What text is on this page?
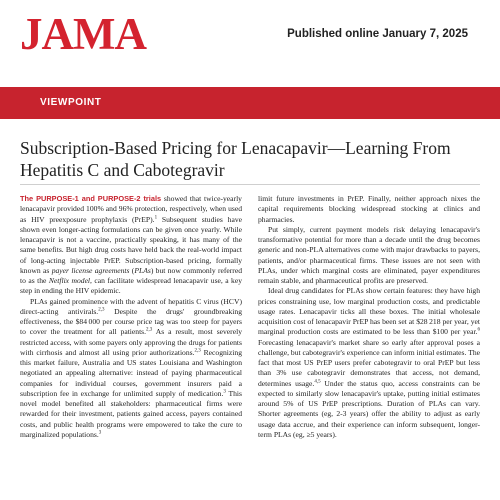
JAMA	Published online January 7, 2025
VIEWPOINT
Subscription-Based Pricing for Lenacapavir—Learning From Hepatitis C and Cabotegravir

The PURPOSE-1 and PURPOSE-2 trials showed that twice-yearly lenacapavir provided 100% and 96% protection, respectively, when used as HIV preexposure prophylaxis (PrEP).$^1$ Subsequent studies have shown even longer-acting formulations can be given once yearly. While lenacapavir is not a vaccine, practically speaking, it has many of the same benefits. But high drug costs have held back the real-world impact of long-acting injectable PrEP. Subscription-based pricing, formally known as payer license agreements (PLAs) but now commonly referred to as the Netflix model, can facilitate widespread lenacapavir use, a key step in ending the HIV epidemic.

PLAs gained prominence with the advent of hepatitis C virus (HCV) direct-acting antivirals.$^{2,3}$ Despite the drugs' groundbreaking effectiveness, the $84 000 per course price tag was too steep for payers to cover the treatment for all patients.$^{2,3}$ As a result, most severely restricted access, with some payers only approving the drugs for patients with cirrhosis and almost all using prior authorizations.$^{2,3}$ Recognizing this market failure, Australia and US states Louisiana and Washington negotiated an appealing alternative: instead of paying pharmaceutical companies for individual courses, government insurers paid a subscription fee in exchange for unlimited supply of medication.$^3$ This novel model benefited all stakeholders: pharmaceutical firms were rewarded for their investment, patients gained access, payers contained costs, and public health programs were empowered to take the cure to marginalized populations.$^3$

limit future investments in PrEP. Finally, neither approach nixes the capital requirements blocking widespread stocking at clinics and pharmacies.

Put simply, current payment models risk delaying lenacapavir's transformative potential for more than a decade until the drug becomes generic and non-PLA alternatives come with major drawbacks to payers, patients, and/or pharmaceutical firms. These issues are not seen with PLAs, under which marginal costs are eliminated, payer expenditures remain stable, and pharmaceutical profits are preserved.

Ideal drug candidates for PLAs show certain features: they have high prices constraining use, low marginal production costs, and predictable usage rates. Lenacapavir ticks all these boxes. The initial wholesale acquisition cost of lenacapavir PrEP has been set at $28 218 per year, yet marginal production costs are estimated to be less than $100 per year.$^6$ Forecasting lenacapavir's market share so early after approval poses a challenge, but cabotegravir's experience can inform initial estimates. The fact that most US PrEP users prefer cabotegravir to oral PrEP but less than 3% use cabotegravir demonstrates that access, not demand, determines usage.$^{4,5}$ Under the status quo, access constraints can be expected to similarly slow lenacapavir's uptake, putting initial estimates around 5% of US PrEP prescriptions. Duration of PLAs can vary. Shorter agreements (eg, 2-3 years) offer the ability to adjust as early usage data accrue, and their experience can inform subsequent, longer-term PLAs (eg, ≥5 years).
